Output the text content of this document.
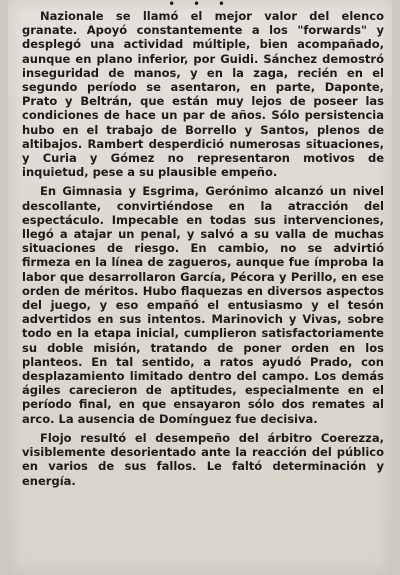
• • •

Nazionale se llamó el mejor valor del elenco granate. Apoyó constantemente a los "forwards" y desplegó una actividad múltiple, bien acompañado, aunque en plano inferior, por Guidi. Sánchez demostró inseguridad de manos, y en la zaga, recién en el segundo período se asentaron, en parte, Daponte, Prato y Beltrán, que están muy lejos de poseer las condiciones de hace un par de años. Sólo persistencia hubo en el trabajo de Borrello y Santos, plenos de altibajos. Rambert desperdició numerosas situaciones, y Curia y Gómez no representaron motivos de inquietud, pese a su plausible empeño.

En Gimnasia y Esgrima, Gerónimo alcanzó un nivel descollante, convirtiéndose en la atracción del espectáculo. Impecable en todas sus intervenciones, llegó a atajar un penal, y salvó a su valla de muchas situaciones de riesgo. En cambio, no se advirtió firmeza en la línea de zagueros, aunque fue ímproba la labor que desarrollaron García, Pécora y Perillo, en ese orden de méritos. Hubo flaquezas en diversos aspectos del juego, y eso empañó el entusiasmo y el tesón advertidos en sus intentos. Marinovich y Vivas, sobre todo en la etapa inicial, cumplieron satisfactoriamente su doble misión, tratando de poner orden en los planteos. En tal sentido, a ratos ayudó Prado, con desplazamiento limitado dentro del campo. Los demás ágiles carecieron de aptitudes, especialmente en el período final, en que ensayaron sólo dos remates al arco. La ausencia de Domínguez fue decisiva.

Flojo resultó el desempeño del árbitro Coerezza, visiblemente desorientado ante la reacción del público en varios de sus fallos. Le faltó determinación y energía.
